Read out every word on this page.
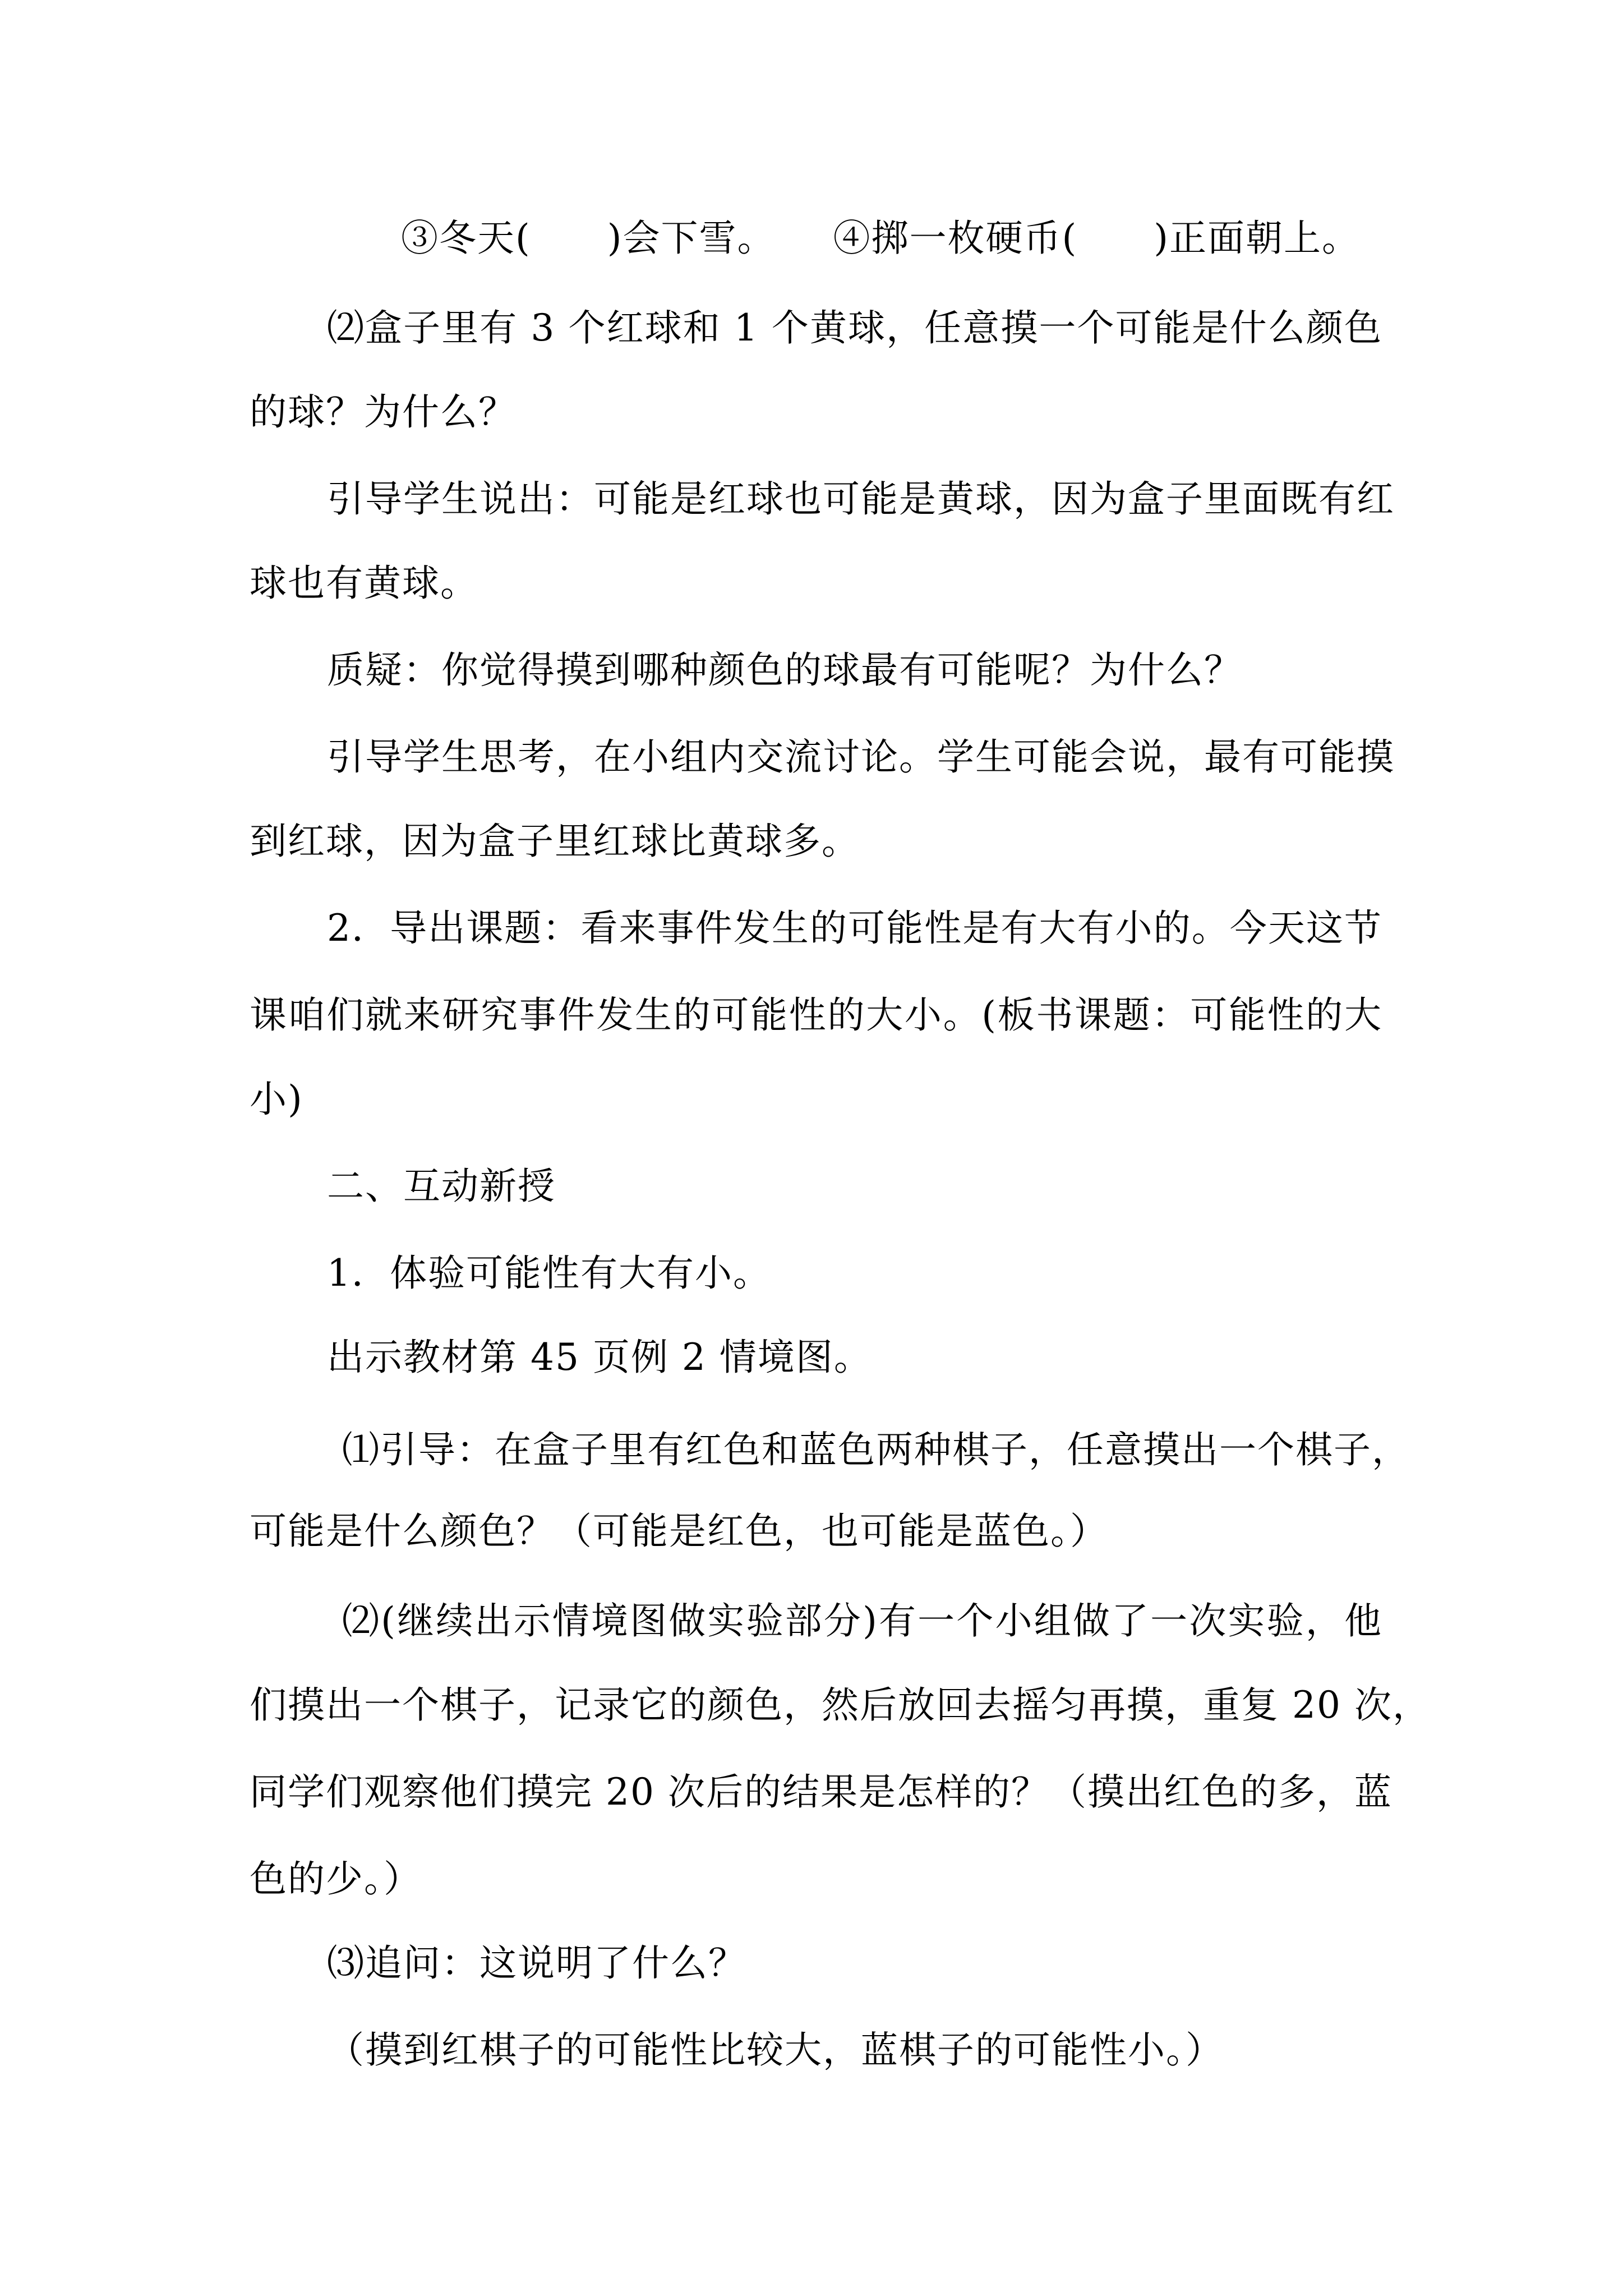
③冬天(　　)会下雪。　　④掷一枚硬币(　　)正面朝上。
⑵盒子里有 3 个红球和 1 个黄球，任意摸一个可能是什么颜色
的球？为什么？
引导学生说出：可能是红球也可能是黄球，因为盒子里面既有红
球也有黄球。
质疑：你觉得摸到哪种颜色的球最有可能呢？为什么？
引导学生思考，在小组内交流讨论。学生可能会说，最有可能摸
到红球，因为盒子里红球比黄球多。
2．导出课题：看来事件发生的可能性是有大有小的。今天这节
课咱们就来研究事件发生的可能性的大小。(板书课题：可能性的大
小)
二、互动新授
1．体验可能性有大有小。
出示教材第 45 页例 2 情境图。
⑴引导：在盒子里有红色和蓝色两种棋子，任意摸出一个棋子，
可能是什么颜色？（可能是红色，也可能是蓝色。）
⑵(继续出示情境图做实验部分)有一个小组做了一次实验，他
们摸出一个棋子，记录它的颜色，然后放回去摇匀再摸，重复 20 次，
同学们观察他们摸完 20 次后的结果是怎样的？（摸出红色的多，蓝
色的少。）
⑶追问：这说明了什么？
（摸到红棋子的可能性比较大，蓝棋子的可能性小。）
